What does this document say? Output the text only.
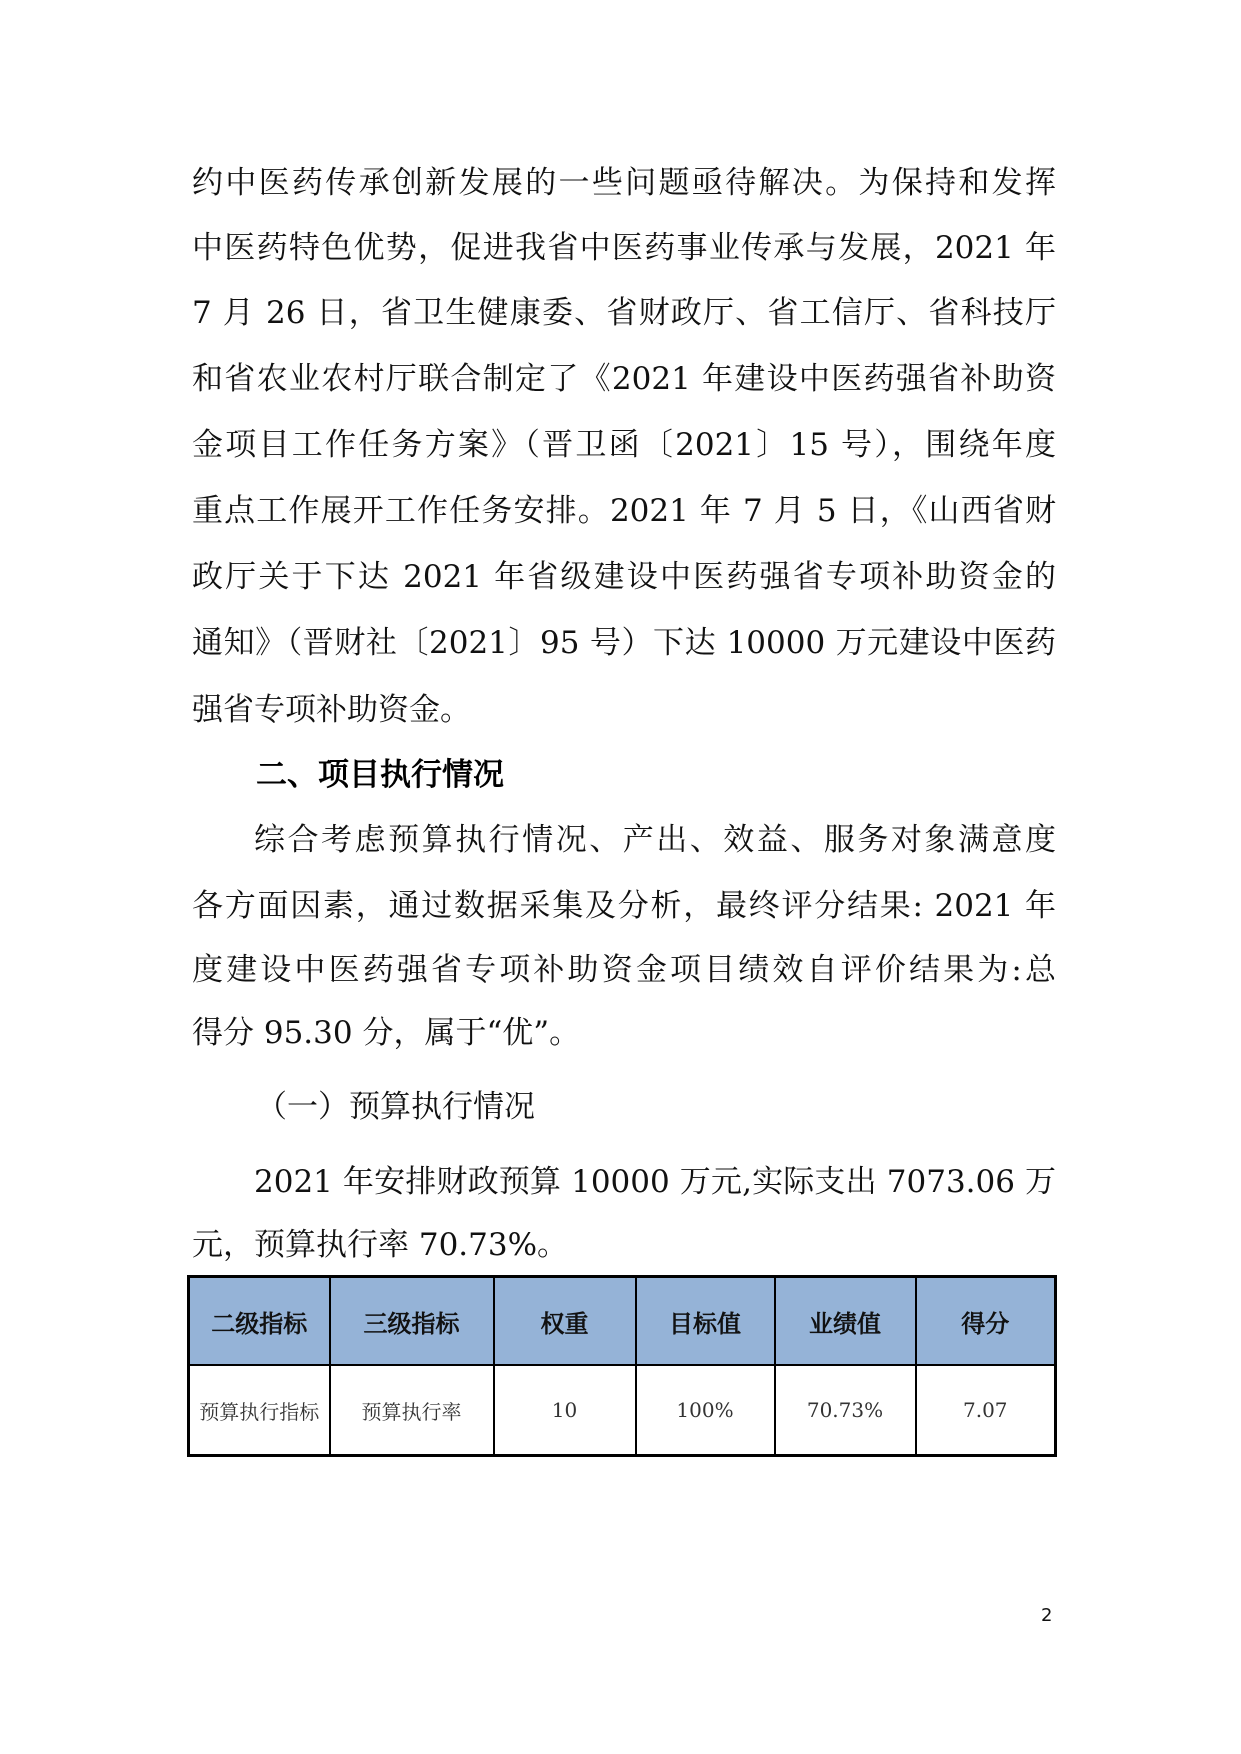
约中医药传承创新发展的一些问题亟待解决。为保持和发挥
中医药特色优势，促进我省中医药事业传承与发展，2021 年
7 月 26 日，省卫生健康委、省财政厅、省工信厅、省科技厅
和省农业农村厅联合制定了《2021 年建设中医药强省补助资
金项目工作任务方案》（晋卫函〔2021〕15 号），围绕年度
重点工作展开工作任务安排。2021 年 7 月 5 日，《山西省财
政厅关于下达 2021 年省级建设中医药强省专项补助资金的
通知》（晋财社〔2021〕95 号）下达 10000 万元建设中医药
强省专项补助资金。
二、项目执行情况
综合考虑预算执行情况、产出、效益、服务对象满意度
各方面因素，通过数据采集及分析，最终评分结果: 2021 年
度建设中医药强省专项补助资金项目绩效自评价结果为:总
得分 95.30 分，属于“优”。
（一）预算执行情况
2021 年安排财政预算 10000 万元,实际支出 7073.06 万
元，预算执行率 70.73%。
二级指标	三级指标	权重	目标值	业绩值	得分
预算执行指标	预算执行率	10	100%	70.73%	7.07
2
